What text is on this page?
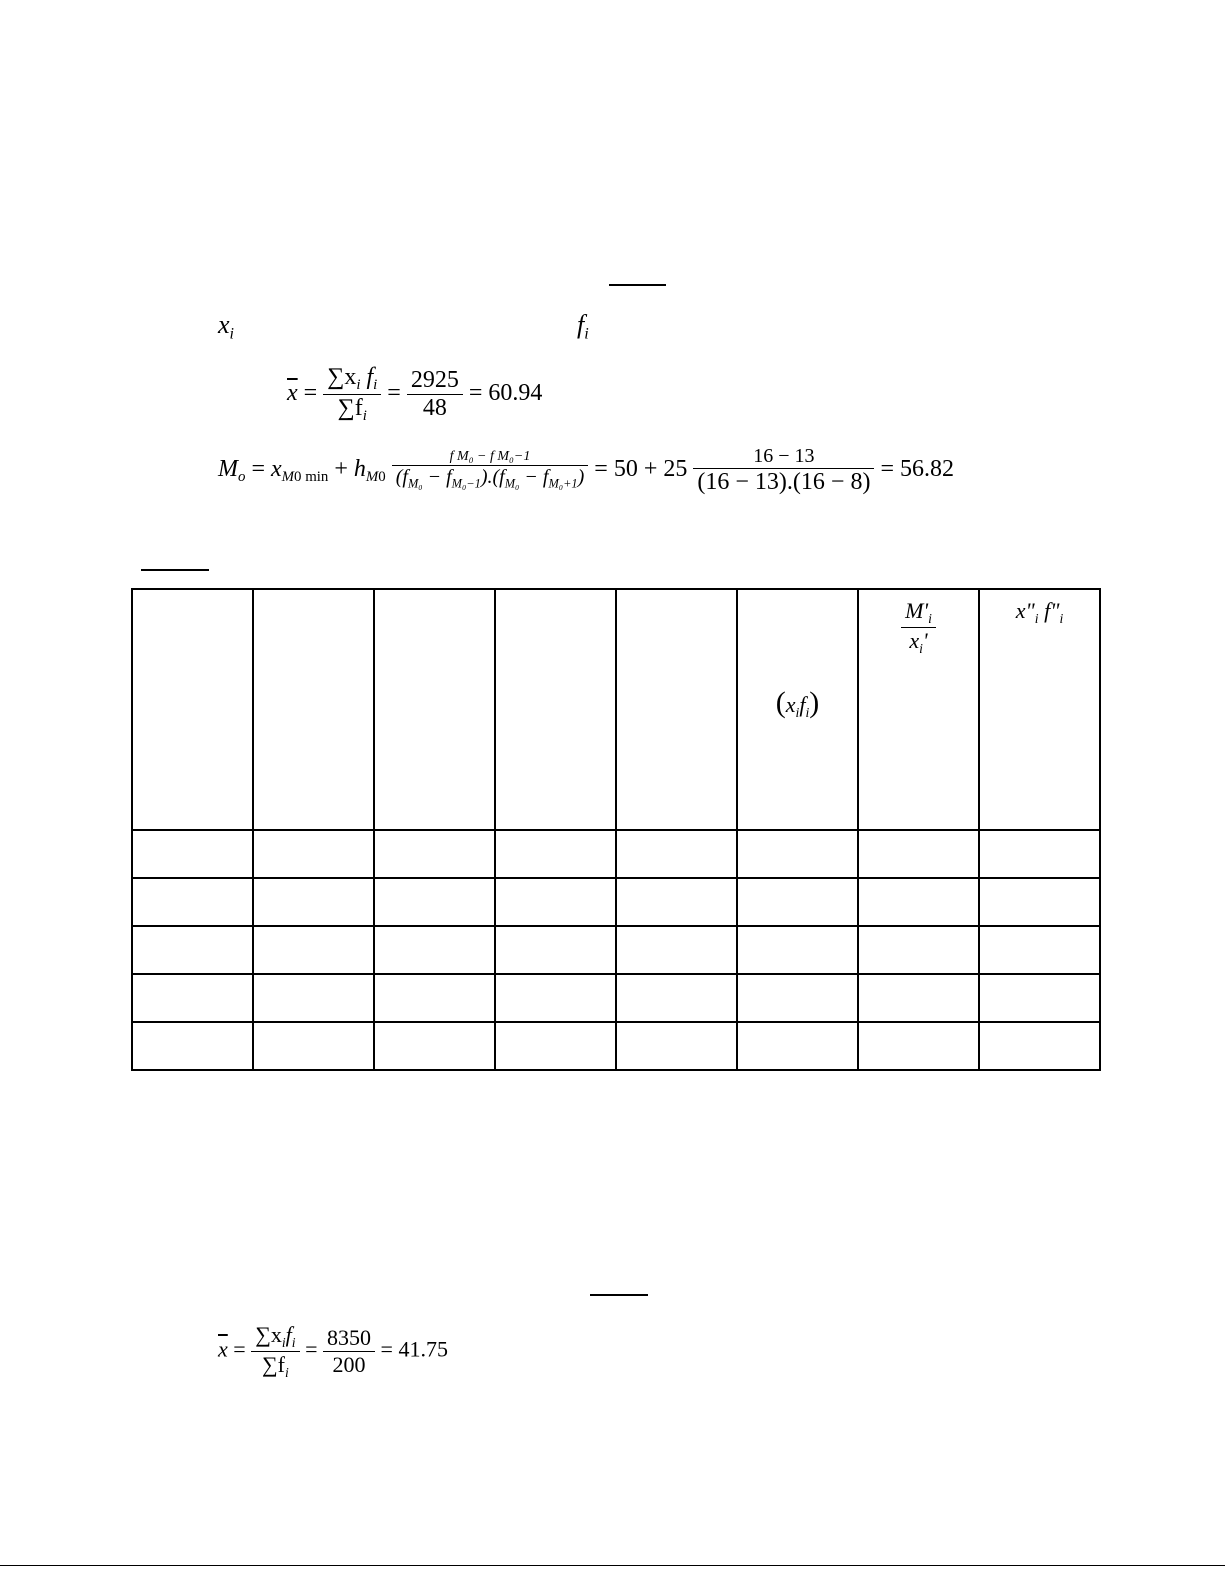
$x_i$	$f_i$
$\overline{x} = \frac{\sum x_i f_i}{\sum f_i} = \frac{2925}{48} = 60.94$
$M_o = x_{M0 min} + h_{M0} \frac{\text{f M₀ − f M₀−1}}{(f_{M_0} - f_{M_0-1}).(f_{M_0} - f_{M_0+1})} = 50 + 25 \frac{16 - 13}{(16 - 13).(16 - 8)} = 56.82$

					$(x_if_i)$	$\frac{M'_i}{x_i'}$	$x"_i$ $f"_i$

$\overline{x} = \frac{\sum x_if_i}{\sum f_i} = \frac{8350}{200} = 41.75$
